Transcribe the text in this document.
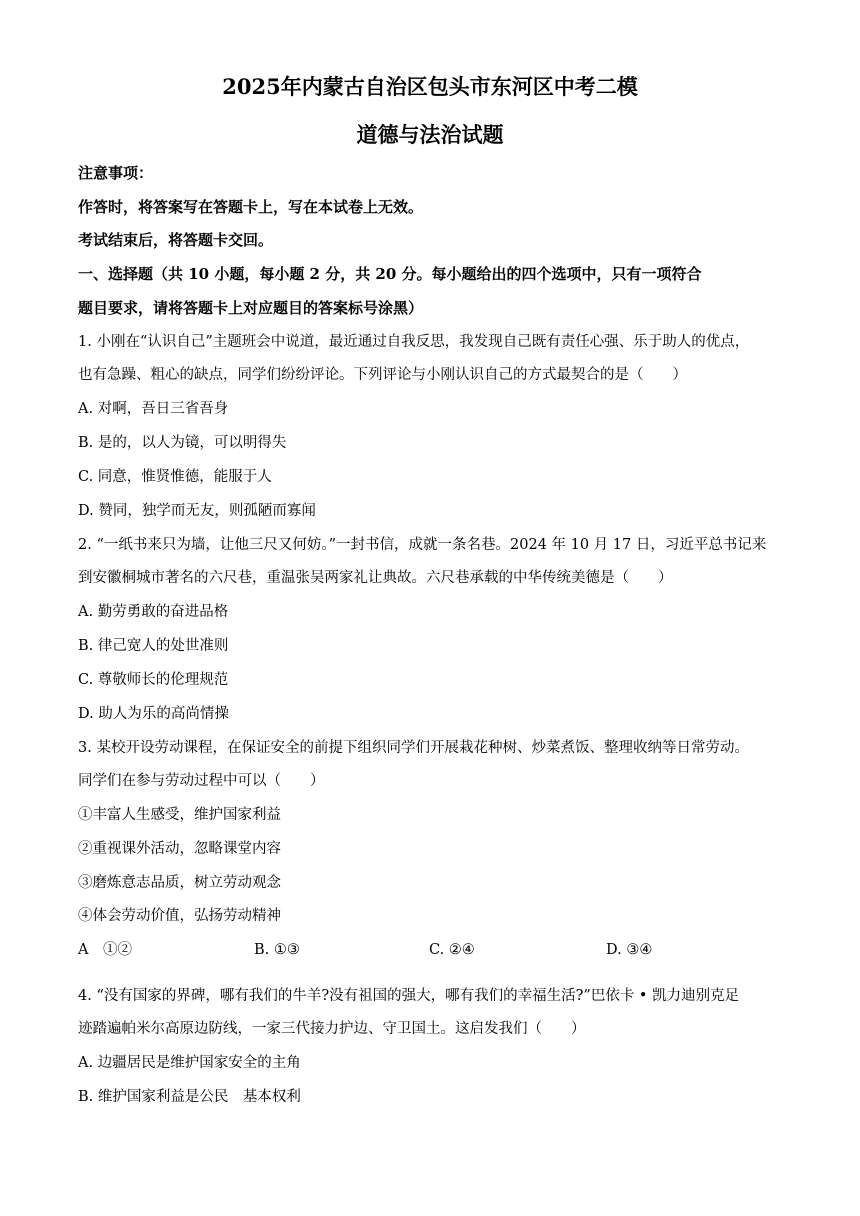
2025年内蒙古自治区包头市东河区中考二模
道德与法治试题
注意事项：
作答时，将答案写在答题卡上，写在本试卷上无效。
考试结束后，将答题卡交回。
一、选择题（共 10 小题，每小题 2 分，共 20 分。每小题给出的四个选项中，只有一项符合
题目要求，请将答题卡上对应题目的答案标号涂黑）
1. 小刚在“认识自己”主题班会中说道，最近通过自我反思，我发现自己既有责任心强、乐于助人的优点，
也有急躁、粗心的缺点，同学们纷纷评论。下列评论与小刚认识自己的方式最契合的是（　　）
A. 对啊，吾日三省吾身
B. 是的，以人为镜，可以明得失
C. 同意，惟贤惟德，能服于人
D. 赞同，独学而无友，则孤陋而寡闻
2. “一纸书来只为墙，让他三尺又何妨。”一封书信，成就一条名巷。2024 年 10 月 17 日，习近平总书记来
到安徽桐城市著名的六尺巷，重温张吴两家礼让典故。六尺巷承载的中华传统美德是（　　）
A. 勤劳勇敢的奋进品格
B. 律己宽人的处世准则
C. 尊敬师长的伦理规范
D. 助人为乐的高尚情操
3. 某校开设劳动课程，在保证安全的前提下组织同学们开展栽花种树、炒菜煮饭、整理收纳等日常劳动。
同学们在参与劳动过程中可以（　　）
①丰富人生感受，维护国家利益
②重视课外活动，忽略课堂内容
③磨炼意志品质，树立劳动观念
④体会劳动价值，弘扬劳动精神
A　①②	B. ①③	C. ②④	D. ③④
4. “没有国家的界碑，哪有我们的牛羊?没有祖国的强大，哪有我们的幸福生活?”巴依卡 • 凯力迪别克足
迹踏遍帕米尔高原边防线，一家三代接力护边、守卫国土。这启发我们（　　）
A. 边疆居民是维护国家安全的主角
B. 维护国家利益是公民　基本权利
